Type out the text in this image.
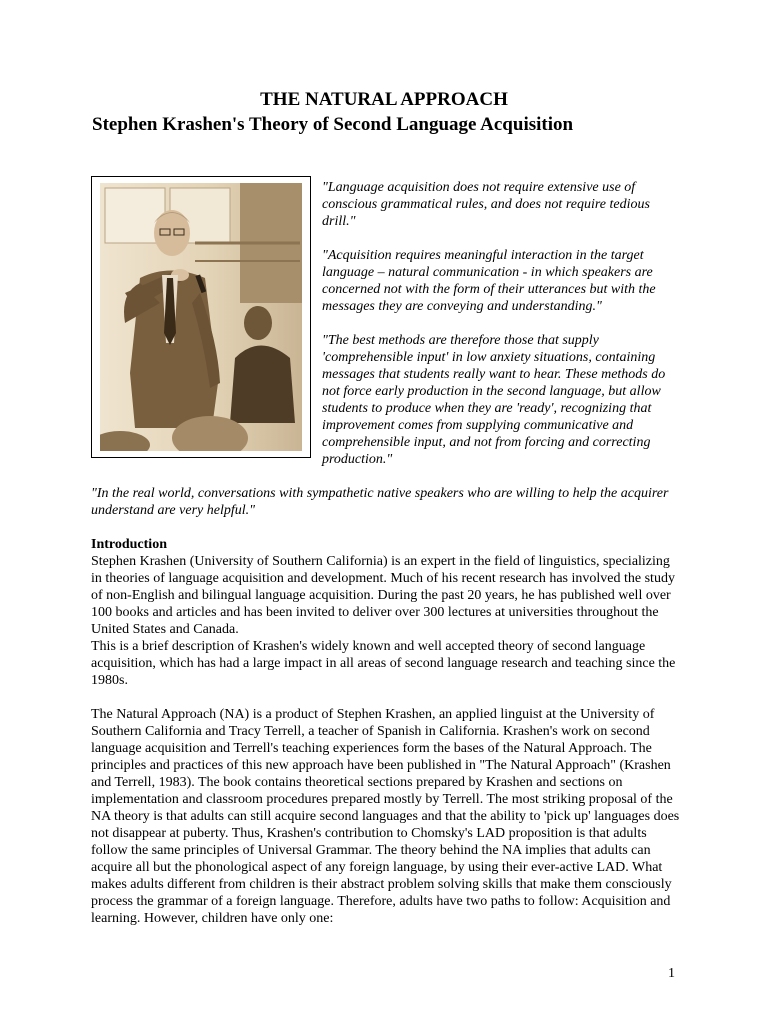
THE NATURAL APPROACH
Stephen Krashen's Theory of Second Language Acquisition

"Language acquisition does not require extensive use of conscious grammatical rules, and does not require tedious drill."

"Acquisition requires meaningful interaction in the target language – natural communication - in which speakers are concerned not with the form of their utterances but with the messages they are conveying and understanding."

"The best methods are therefore those that supply 'comprehensible input' in low anxiety situations, containing messages that students really want to hear. These methods do not force early production in the second language, but allow students to produce when they are 'ready', recognizing that improvement comes from supplying communicative and comprehensible input, and not from forcing and correcting production."

"In the real world, conversations with sympathetic native speakers who are willing to help the acquirer understand are very helpful."

Introduction

Stephen Krashen (University of Southern California) is an expert in the field of linguistics, specializing in theories of language acquisition and development. Much of his recent research has involved the study of non-English and bilingual language acquisition. During the past 20 years, he has published well over 100 books and articles and has been invited to deliver over 300 lectures at universities throughout the United States and Canada.

This is a brief description of Krashen's widely known and well accepted theory of second language acquisition, which has had a large impact in all areas of second language research and teaching since the 1980s.

The Natural Approach (NA) is a product of Stephen Krashen, an applied linguist at the University of Southern California and Tracy Terrell, a teacher of Spanish in California. Krashen's work on second language acquisition and Terrell's teaching experiences form the bases of the Natural Approach. The principles and practices of this new approach have been published in "The Natural Approach" (Krashen and Terrell, 1983). The book contains theoretical sections prepared by Krashen and sections on implementation and classroom procedures prepared mostly by Terrell. The most striking proposal of the NA theory is that adults can still acquire second languages and that the ability to 'pick up' languages does not disappear at puberty. Thus, Krashen's contribution to Chomsky's LAD proposition is that adults follow the same principles of Universal Grammar. The theory behind the NA implies that adults can acquire all but the phonological aspect of any foreign language, by using their ever-active LAD. What makes adults different from children is their abstract problem solving skills that make them consciously process the grammar of a foreign language. Therefore, adults have two paths to follow: Acquisition and learning. However, children have only one:

1
